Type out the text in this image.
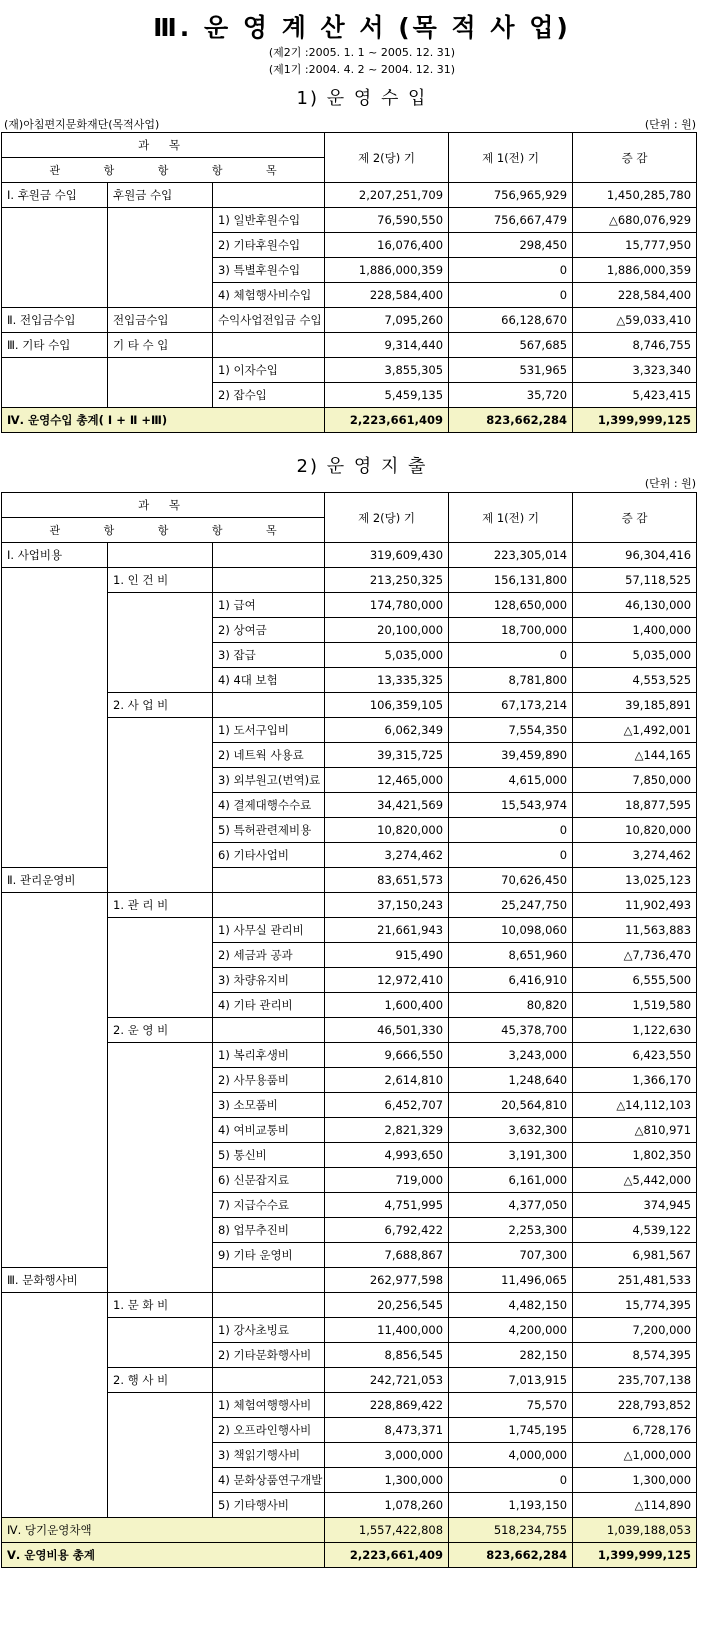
Ⅲ. 운 영 계 산 서 (목 적 사 업)
(제2기 :2005. 1. 1 ~ 2005. 12. 31)
(제1기 :2004. 4. 2 ~ 2004. 12. 31)
1) 운 영 수 입
(재)아침편지문화재단(목적사업)	(단위 : 원)
과 목			제 2(당) 기	제 1(전) 기	증 감
관 항 항 항 목					
Ⅰ. 후원금 수입	후원금 수입		2,207,251,709	756,965,929	1,450,285,780
		1) 일반후원수입	76,590,550	756,667,479	△680,076,929
		2) 기타후원수입	16,076,400	298,450	15,777,950
		3) 특별후원수입	1,886,000,359	0	1,886,000,359
		4) 체험행사비수입	228,584,400	0	228,584,400
Ⅱ. 전입금수입	전입금수입	수익사업전입금 수입	7,095,260	66,128,670	△59,033,410
Ⅲ. 기타 수입	기 타 수 입		9,314,440	567,685	8,746,755
		1) 이자수입	3,855,305	531,965	3,323,340
		2) 잡수입	5,459,135	35,720	5,423,415
Ⅳ. 운영수입 총계( Ⅰ + Ⅱ +Ⅲ)			2,223,661,409	823,662,284	1,399,999,125
2) 운 영 지 출
(단위 : 원)
과 목			제 2(당) 기	제 1(전) 기	증 감
관 항 항 항 목					
Ⅰ. 사업비용			319,609,430	223,305,014	96,304,416
	1. 인 건 비		213,250,325	156,131,800	57,118,525
		1) 급여	174,780,000	128,650,000	46,130,000
		2) 상여금	20,100,000	18,700,000	1,400,000
		3) 잡급	5,035,000	0	5,035,000
		4) 4대 보험	13,335,325	8,781,800	4,553,525
	2. 사 업 비		106,359,105	67,173,214	39,185,891
		1) 도서구입비	6,062,349	7,554,350	△1,492,001
		2) 네트웍 사용료	39,315,725	39,459,890	△144,165
		3) 외부원고(번역)료	12,465,000	4,615,000	7,850,000
		4) 결제대행수수료	34,421,569	15,543,974	18,877,595
		5) 특허관련제비용	10,820,000	0	10,820,000
		6) 기타사업비	3,274,462	0	3,274,462
Ⅱ. 관리운영비			83,651,573	70,626,450	13,025,123
	1. 관 리 비		37,150,243	25,247,750	11,902,493
		1) 사무실 관리비	21,661,943	10,098,060	11,563,883
		2) 세금과 공과	915,490	8,651,960	△7,736,470
		3) 차량유지비	12,972,410	6,416,910	6,555,500
		4) 기타 관리비	1,600,400	80,820	1,519,580
	2. 운 영 비		46,501,330	45,378,700	1,122,630
		1) 복리후생비	9,666,550	3,243,000	6,423,550
		2) 사무용품비	2,614,810	1,248,640	1,366,170
		3) 소모품비	6,452,707	20,564,810	△14,112,103
		4) 여비교통비	2,821,329	3,632,300	△810,971
		5) 통신비	4,993,650	3,191,300	1,802,350
		6) 신문잡지료	719,000	6,161,000	△5,442,000
		7) 지급수수료	4,751,995	4,377,050	374,945
		8) 업무추진비	6,792,422	2,253,300	4,539,122
		9) 기타 운영비	7,688,867	707,300	6,981,567
Ⅲ. 문화행사비			262,977,598	11,496,065	251,481,533
	1. 문 화 비		20,256,545	4,482,150	15,774,395
		1) 강사초빙료	11,400,000	4,200,000	7,200,000
		2) 기타문화행사비	8,856,545	282,150	8,574,395
	2. 행 사 비		242,721,053	7,013,915	235,707,138
		1) 체험여행행사비	228,869,422	75,570	228,793,852
		2) 오프라인행사비	8,473,371	1,745,195	6,728,176
		3) 책읽기행사비	3,000,000	4,000,000	△1,000,000
		4) 문화상품연구개발	1,300,000	0	1,300,000
		5) 기타행사비	1,078,260	1,193,150	△114,890
Ⅳ. 당기운영차액			1,557,422,808	518,234,755	1,039,188,053
Ⅴ. 운영비용 총계			2,223,661,409	823,662,284	1,399,999,125
